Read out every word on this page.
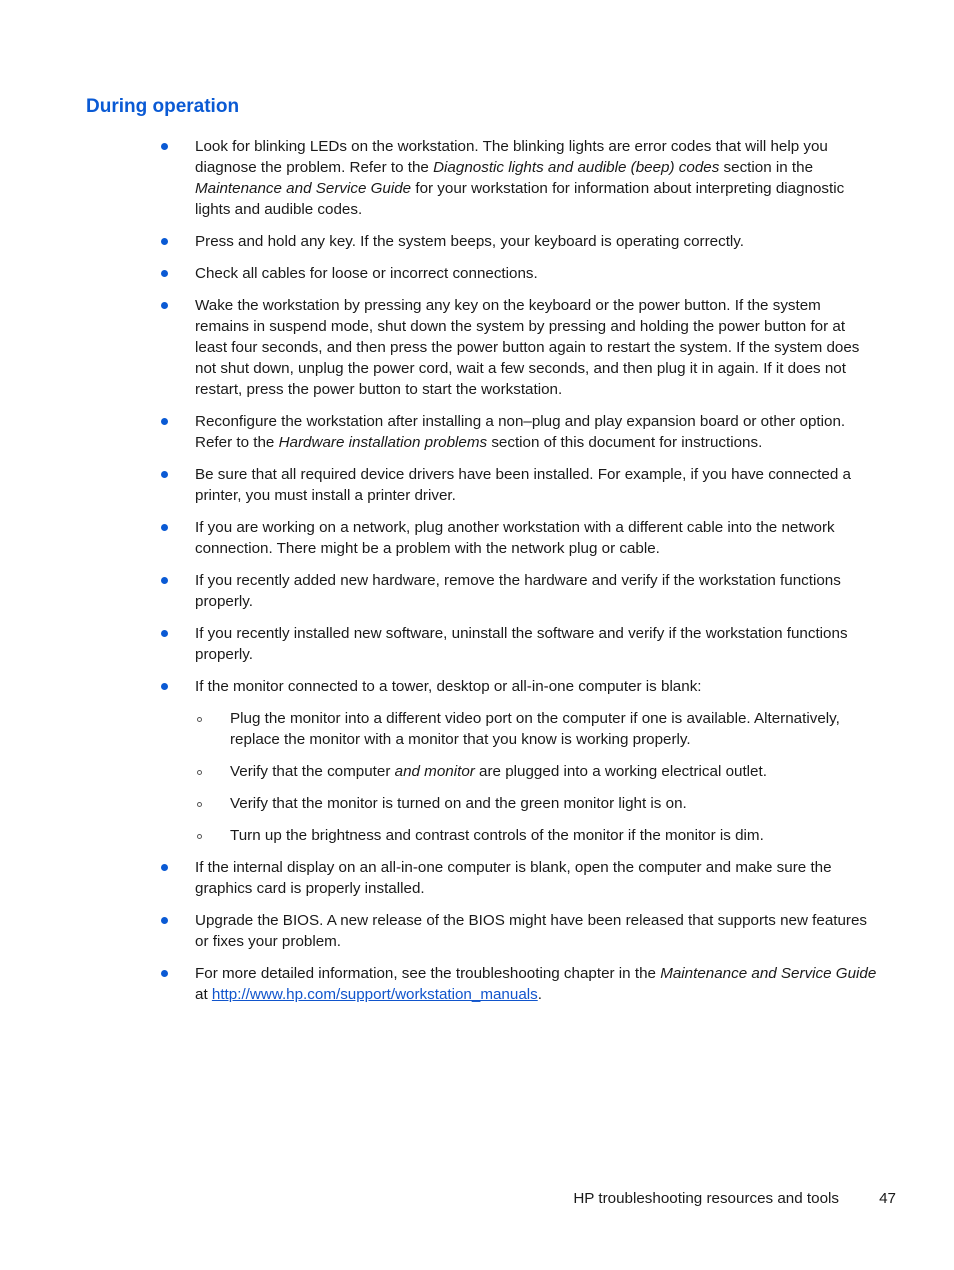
During operation
Look for blinking LEDs on the workstation. The blinking lights are error codes that will help you diagnose the problem. Refer to the Diagnostic lights and audible (beep) codes section in the Maintenance and Service Guide for your workstation for information about interpreting diagnostic lights and audible codes.
Press and hold any key. If the system beeps, your keyboard is operating correctly.
Check all cables for loose or incorrect connections.
Wake the workstation by pressing any key on the keyboard or the power button. If the system remains in suspend mode, shut down the system by pressing and holding the power button for at least four seconds, and then press the power button again to restart the system. If the system does not shut down, unplug the power cord, wait a few seconds, and then plug it in again. If it does not restart, press the power button to start the workstation.
Reconfigure the workstation after installing a non–plug and play expansion board or other option. Refer to the Hardware installation problems section of this document for instructions.
Be sure that all required device drivers have been installed. For example, if you have connected a printer, you must install a printer driver.
If you are working on a network, plug another workstation with a different cable into the network connection. There might be a problem with the network plug or cable.
If you recently added new hardware, remove the hardware and verify if the workstation functions properly.
If you recently installed new software, uninstall the software and verify if the workstation functions properly.
If the monitor connected to a tower, desktop or all-in-one computer is blank:
Plug the monitor into a different video port on the computer if one is available. Alternatively, replace the monitor with a monitor that you know is working properly.
Verify that the computer and monitor are plugged into a working electrical outlet.
Verify that the monitor is turned on and the green monitor light is on.
Turn up the brightness and contrast controls of the monitor if the monitor is dim.
If the internal display on an all-in-one computer is blank, open the computer and make sure the graphics card is properly installed.
Upgrade the BIOS. A new release of the BIOS might have been released that supports new features or fixes your problem.
For more detailed information, see the troubleshooting chapter in the Maintenance and Service Guide at http://www.hp.com/support/workstation_manuals.
HP troubleshooting resources and tools	47
